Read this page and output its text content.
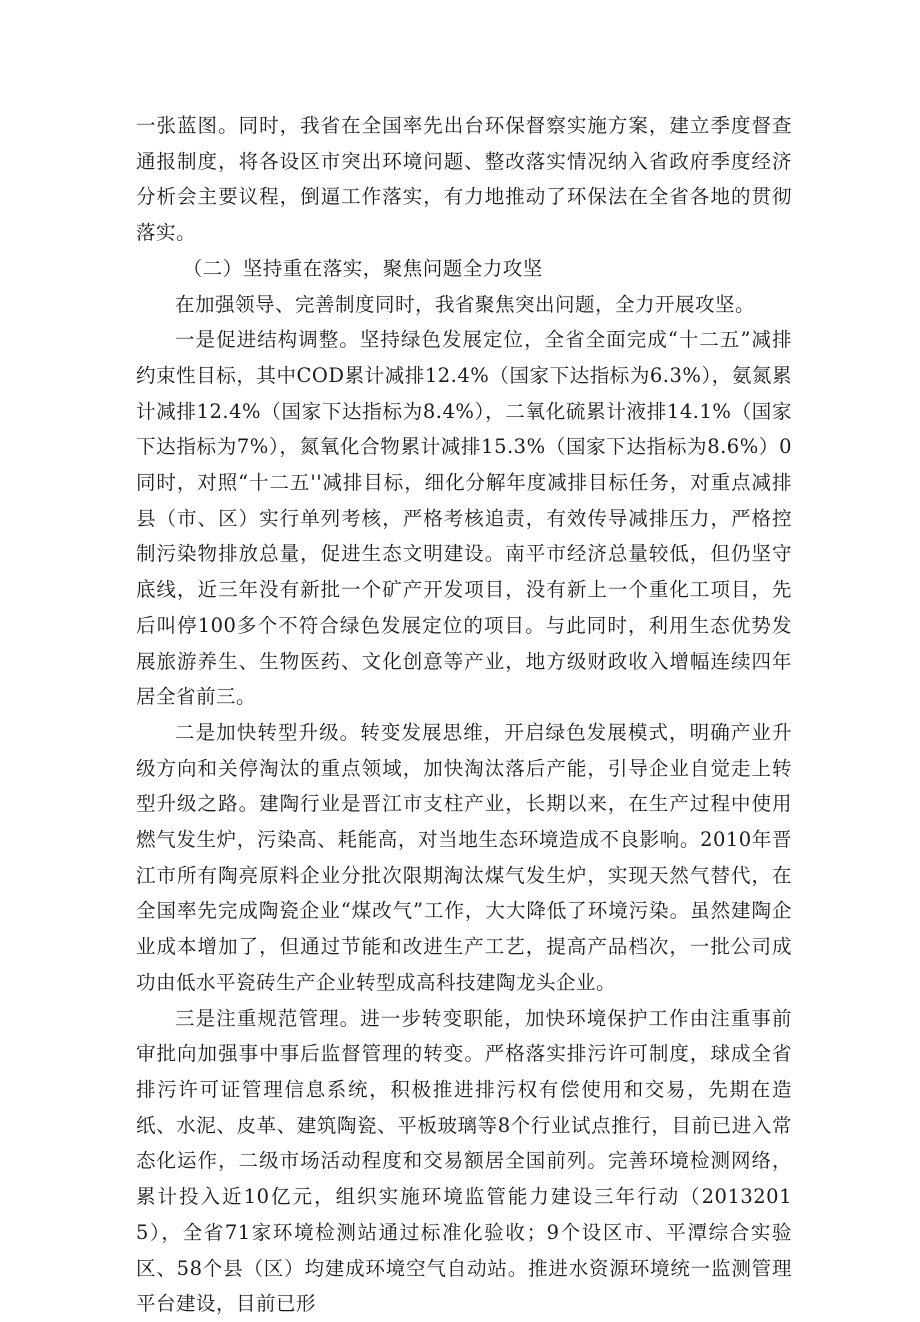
一张蓝图。同时，我省在全国率先出台环保督察实施方案，建立季度督查通报制度，将各设区市突出环境问题、整改落实情况纳入省政府季度经济分析会主要议程，倒逼工作落实，有力地推动了环保法在全省各地的贯彻落实。

（二）坚持重在落实，聚焦问题全力攻坚

在加强领导、完善制度同时，我省聚焦突出问题，全力开展攻坚。

一是促进结构调整。坚持绿色发展定位，全省全面完成“十二五”减排约束性目标，其中COD累计减排12.4%（国家下达指标为6.3%），氨氮累计减排12.4%（国家下达指标为8.4%），二氧化硫累计液排14.1%（国家下达指标为7%），氮氧化合物累计减排15.3%（国家下达指标为8.6%）0同时，对照“十二五''减排目标，细化分解年度减排目标任务，对重点减排县（市、区）实行单列考核，严格考核追责，有效传导减排压力，严格控制污染物排放总量，促进生态文明建设。南平市经济总量较低，但仍坚守底线，近三年没有新批一个矿产开发项目，没有新上一个重化工项目，先后叫停100多个不符合绿色发展定位的项目。与此同时，利用生态优势发展旅游养生、生物医药、文化创意等产业，地方级财政收入增幅连续四年居全省前三。

二是加快转型升级。转变发展思维，开启绿色发展模式，明确产业升级方向和关停淘汰的重点领域，加快淘汰落后产能，引导企业自觉走上转型升级之路。建陶行业是晋江市支柱产业，长期以来，在生产过程中使用燃气发生炉，污染高、耗能高，对当地生态环境造成不良影响。2010年晋江市所有陶亮原料企业分批次限期淘汰煤气发生炉，实现天然气替代，在全国率先完成陶瓷企业“煤改气”工作，大大降低了环境污染。虽然建陶企业成本增加了，但通过节能和改进生产工艺，提高产品档次，一批公司成功由低水平瓷砖生产企业转型成高科技建陶龙头企业。

三是注重规范管理。进一步转变职能，加快环境保护工作由注重事前审批向加强事中事后监督管理的转变。严格落实排污许可制度，球成全省排污许可证管理信息系统，积极推进排污权有偿使用和交易，先期在造纸、水泥、皮革、建筑陶瓷、平板玻璃等8个行业试点推行，目前已进入常态化运作，二级市场活动程度和交易额居全国前列。完善环境检测网络，累计投入近10亿元，组织实施环境监管能力建设三年行动（20132015），全省71家环境检测站通过标准化验收；9个设区市、平潭综合实验区、58个县（区）均建成环境空气自动站。推进水资源环境统一监测管理平台建设，目前已形
